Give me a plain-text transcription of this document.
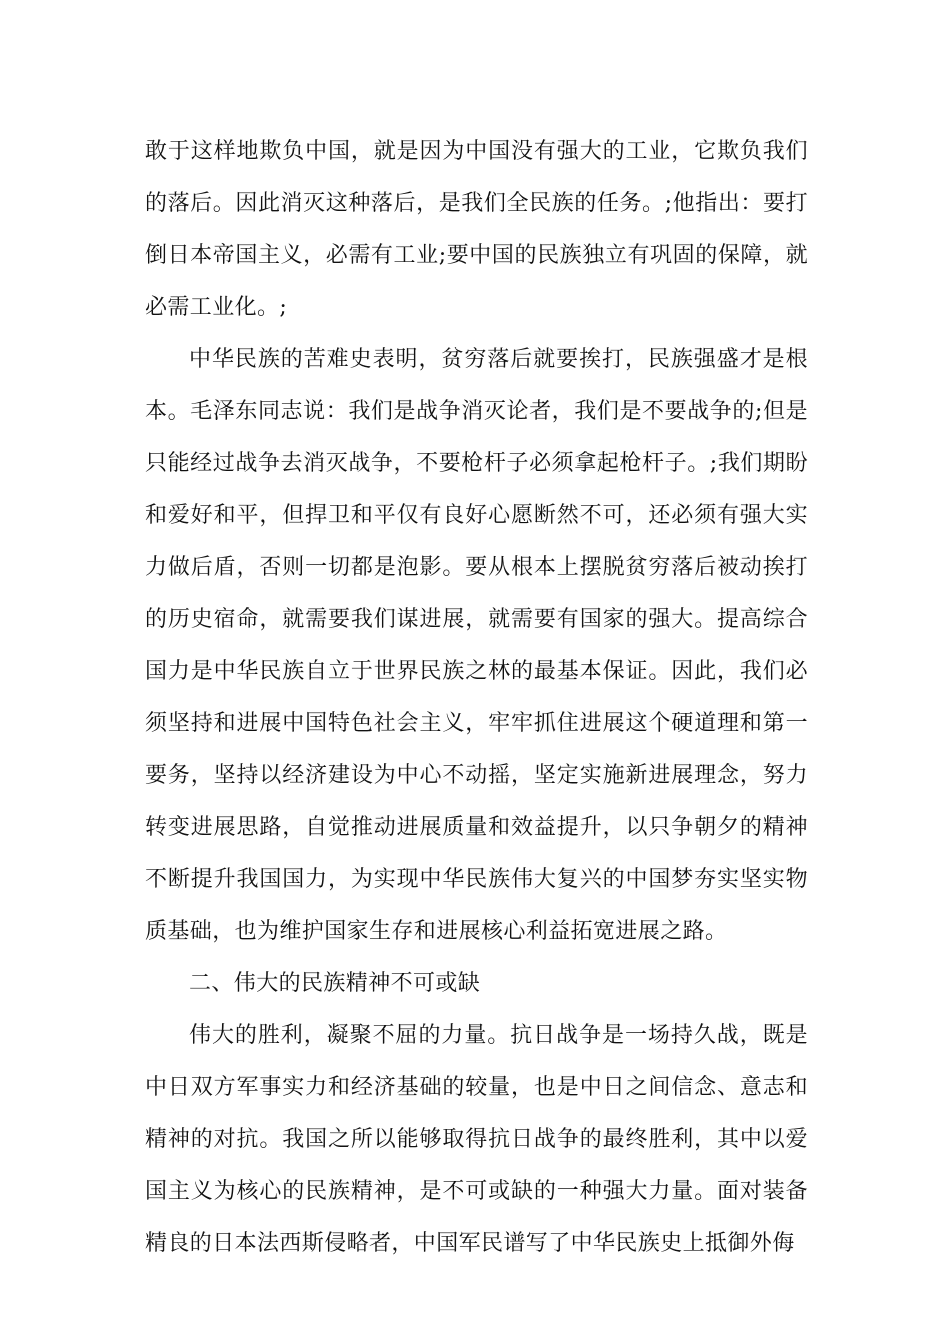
敢于这样地欺负中国，就是因为中国没有强大的工业，它欺负我们的落后。因此消灭这种落后，是我们全民族的任务。;他指出：要打倒日本帝国主义，必需有工业;要中国的民族独立有巩固的保障，就必需工业化。;

中华民族的苦难史表明，贫穷落后就要挨打，民族强盛才是根本。毛泽东同志说：我们是战争消灭论者，我们是不要战争的;但是只能经过战争去消灭战争，不要枪杆子必须拿起枪杆子。;我们期盼和爱好和平，但捍卫和平仅有良好心愿断然不可，还必须有强大实力做后盾，否则一切都是泡影。要从根本上摆脱贫穷落后被动挨打的历史宿命，就需要我们谋进展，就需要有国家的强大。提高综合国力是中华民族自立于世界民族之林的最基本保证。因此，我们必须坚持和进展中国特色社会主义，牢牢抓住进展这个硬道理和第一要务，坚持以经济建设为中心不动摇，坚定实施新进展理念，努力转变进展思路，自觉推动进展质量和效益提升，以只争朝夕的精神不断提升我国国力，为实现中华民族伟大复兴的中国梦夯实坚实物质基础，也为维护国家生存和进展核心利益拓宽进展之路。

二、伟大的民族精神不可或缺

伟大的胜利，凝聚不屈的力量。抗日战争是一场持久战，既是中日双方军事实力和经济基础的较量，也是中日之间信念、意志和精神的对抗。我国之所以能够取得抗日战争的最终胜利，其中以爱国主义为核心的民族精神，是不可或缺的一种强大力量。面对装备精良的日本法西斯侵略者，中国军民谱写了中华民族史上抵御外侮
